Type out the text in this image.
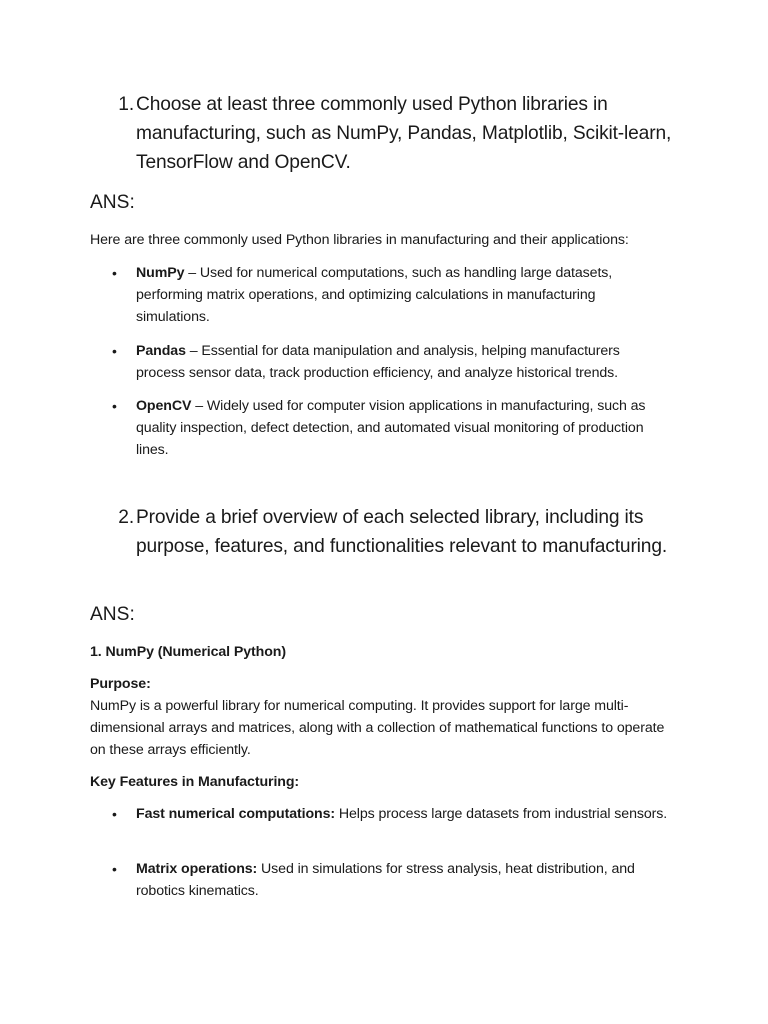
1. Choose at least three commonly used Python libraries in manufacturing, such as NumPy, Pandas, Matplotlib, Scikit-learn, TensorFlow and OpenCV.
ANS:
Here are three commonly used Python libraries in manufacturing and their applications:
• NumPy – Used for numerical computations, such as handling large datasets, performing matrix operations, and optimizing calculations in manufacturing simulations.
• Pandas – Essential for data manipulation and analysis, helping manufacturers process sensor data, track production efficiency, and analyze historical trends.
• OpenCV – Widely used for computer vision applications in manufacturing, such as quality inspection, defect detection, and automated visual monitoring of production lines.
2. Provide a brief overview of each selected library, including its purpose, features, and functionalities relevant to manufacturing.
ANS:
1. NumPy (Numerical Python)
Purpose:
NumPy is a powerful library for numerical computing. It provides support for large multi-dimensional arrays and matrices, along with a collection of mathematical functions to operate on these arrays efficiently.
Key Features in Manufacturing:
• Fast numerical computations: Helps process large datasets from industrial sensors.
• Matrix operations: Used in simulations for stress analysis, heat distribution, and robotics kinematics.
